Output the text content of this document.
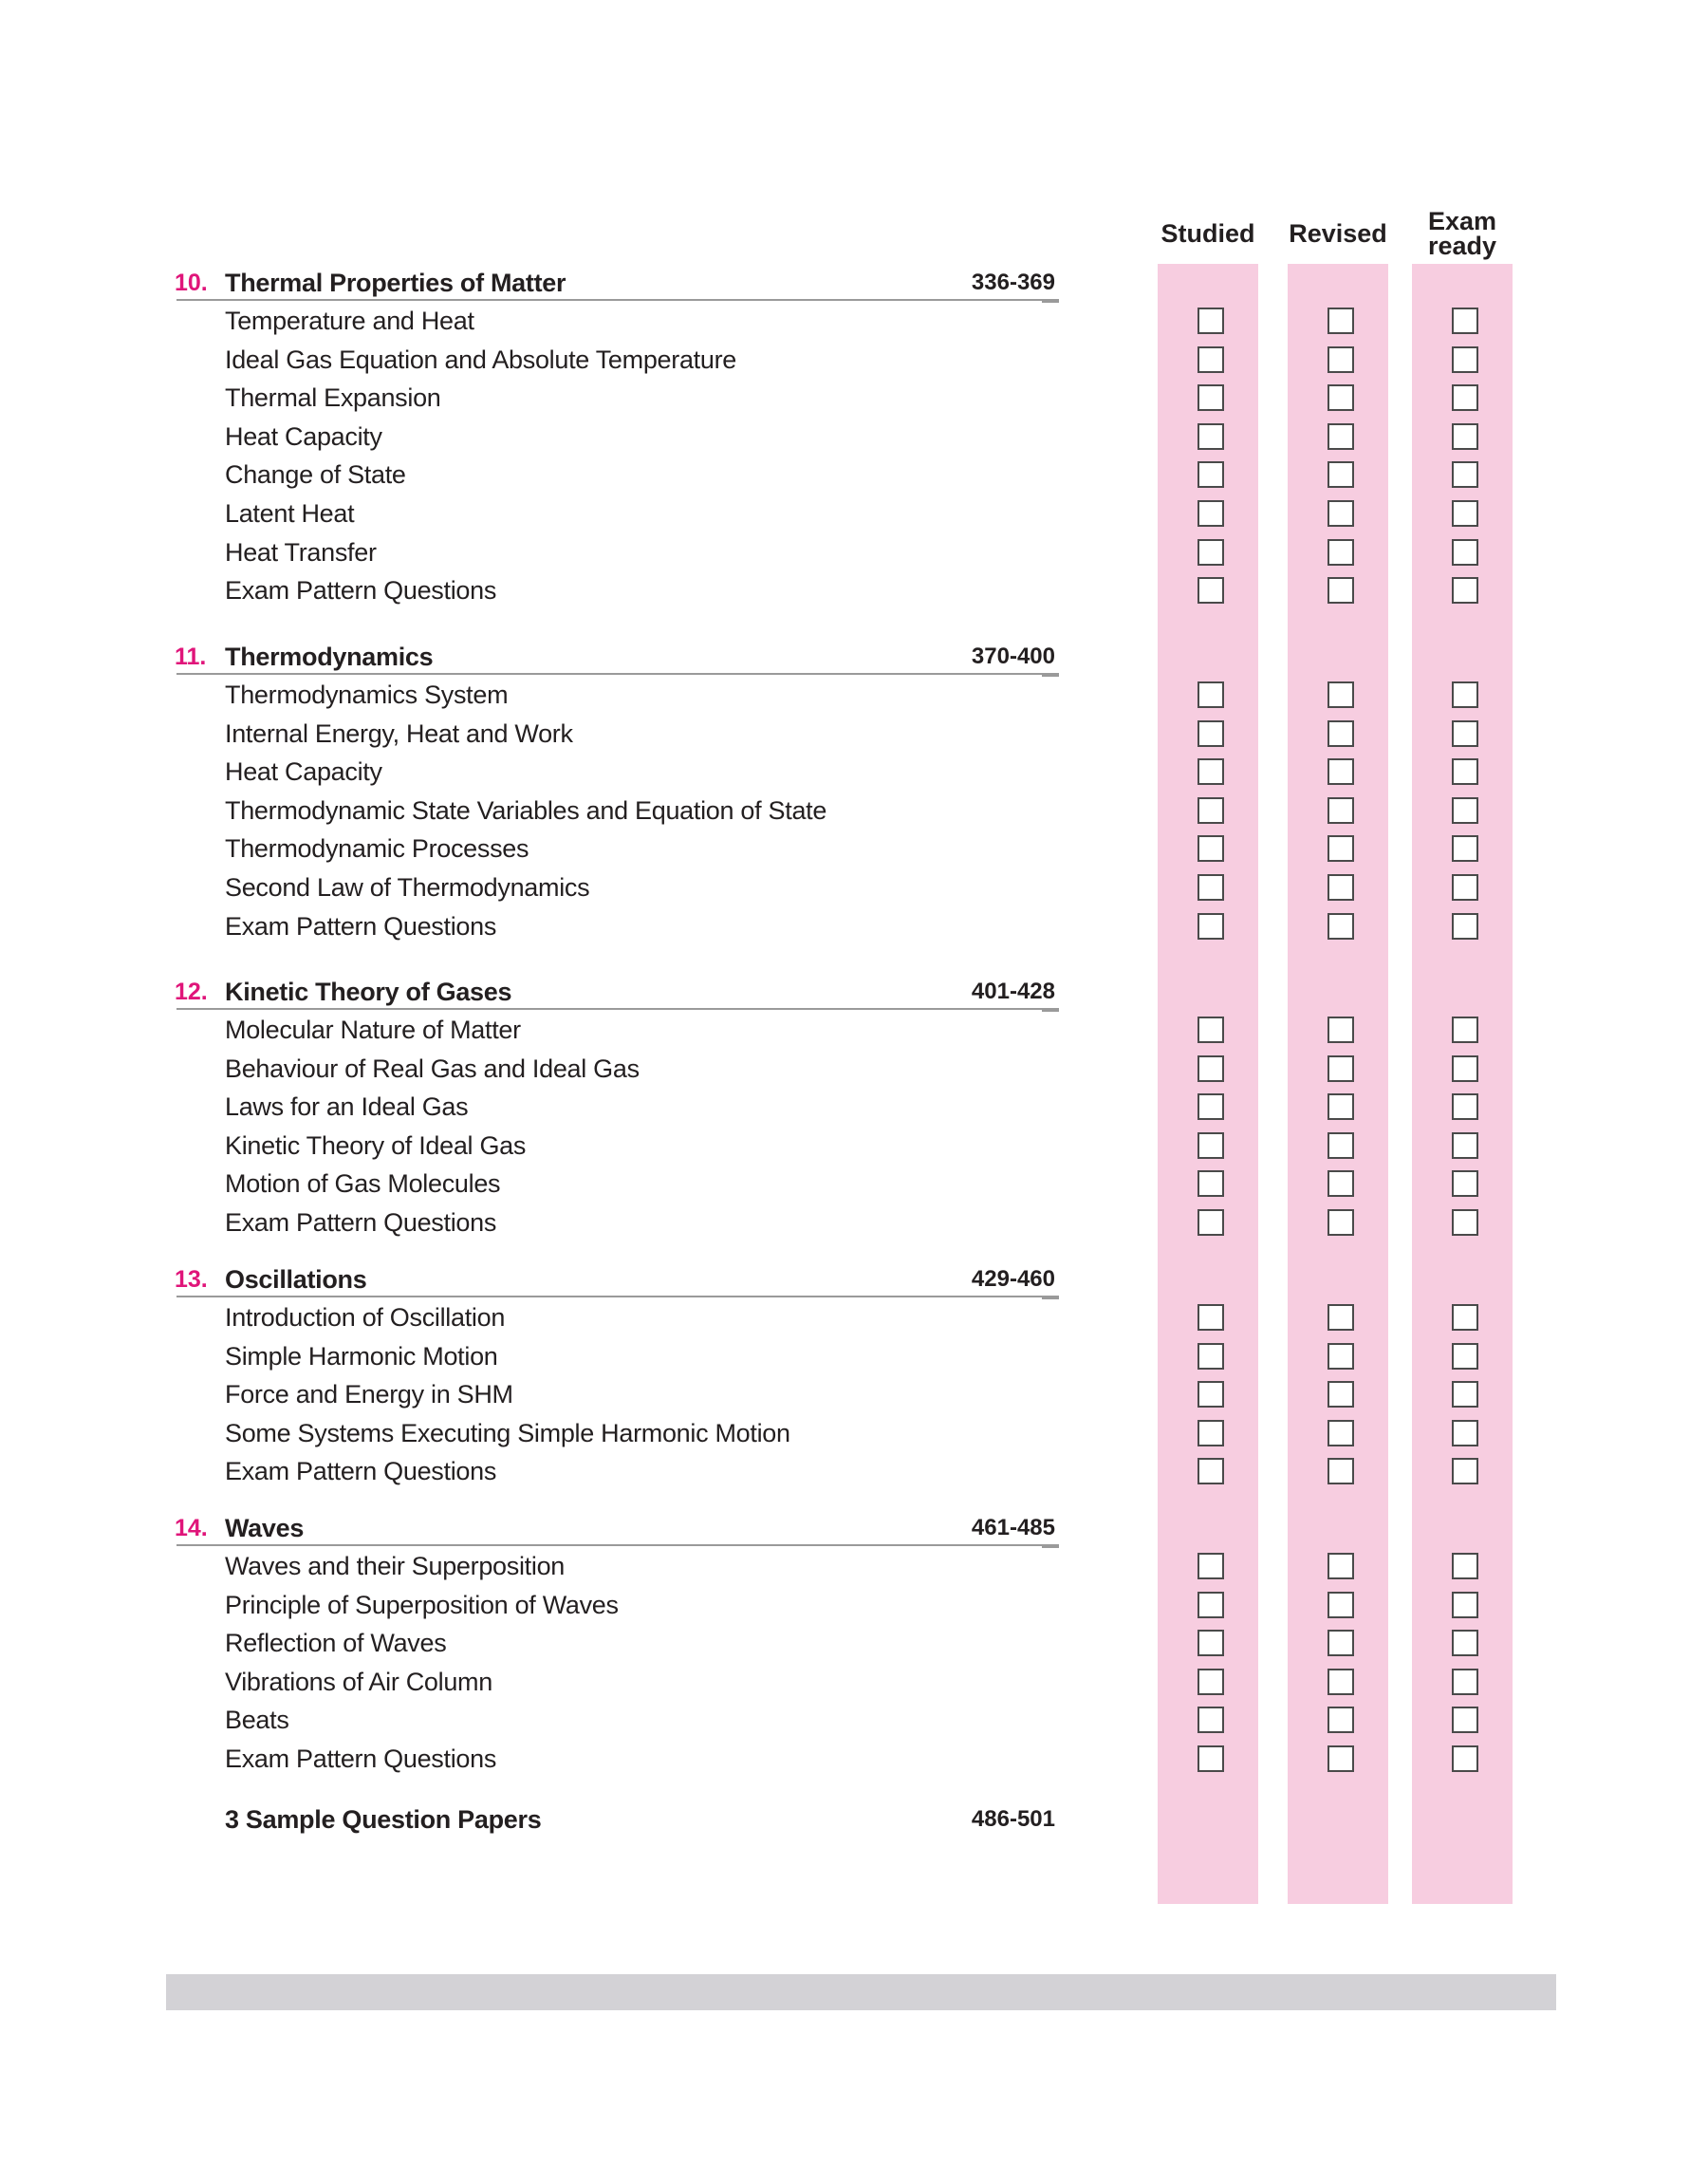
Studied	Revised	Exam
ready
10. Thermal Properties of Matter	336-369
Temperature and Heat
Ideal Gas Equation and Absolute Temperature
Thermal Expansion
Heat Capacity
Change of State
Latent Heat
Heat Transfer
Exam Pattern Questions
11. Thermodynamics	370-400
Thermodynamics System
Internal Energy, Heat and Work
Heat Capacity
Thermodynamic State Variables and Equation of State
Thermodynamic Processes
Second Law of Thermodynamics
Exam Pattern Questions
12. Kinetic Theory of Gases	401-428
Molecular Nature of Matter
Behaviour of Real Gas and Ideal Gas
Laws for an Ideal Gas
Kinetic Theory of Ideal Gas
Motion of Gas Molecules
Exam Pattern Questions
13. Oscillations	429-460
Introduction of Oscillation
Simple Harmonic Motion
Force and Energy in SHM
Some Systems Executing Simple Harmonic Motion
Exam Pattern Questions
14. Waves	461-485
Waves and their Superposition
Principle of Superposition of Waves
Reflection of Waves
Vibrations of Air Column
Beats
Exam Pattern Questions
3 Sample Question Papers	486-501
